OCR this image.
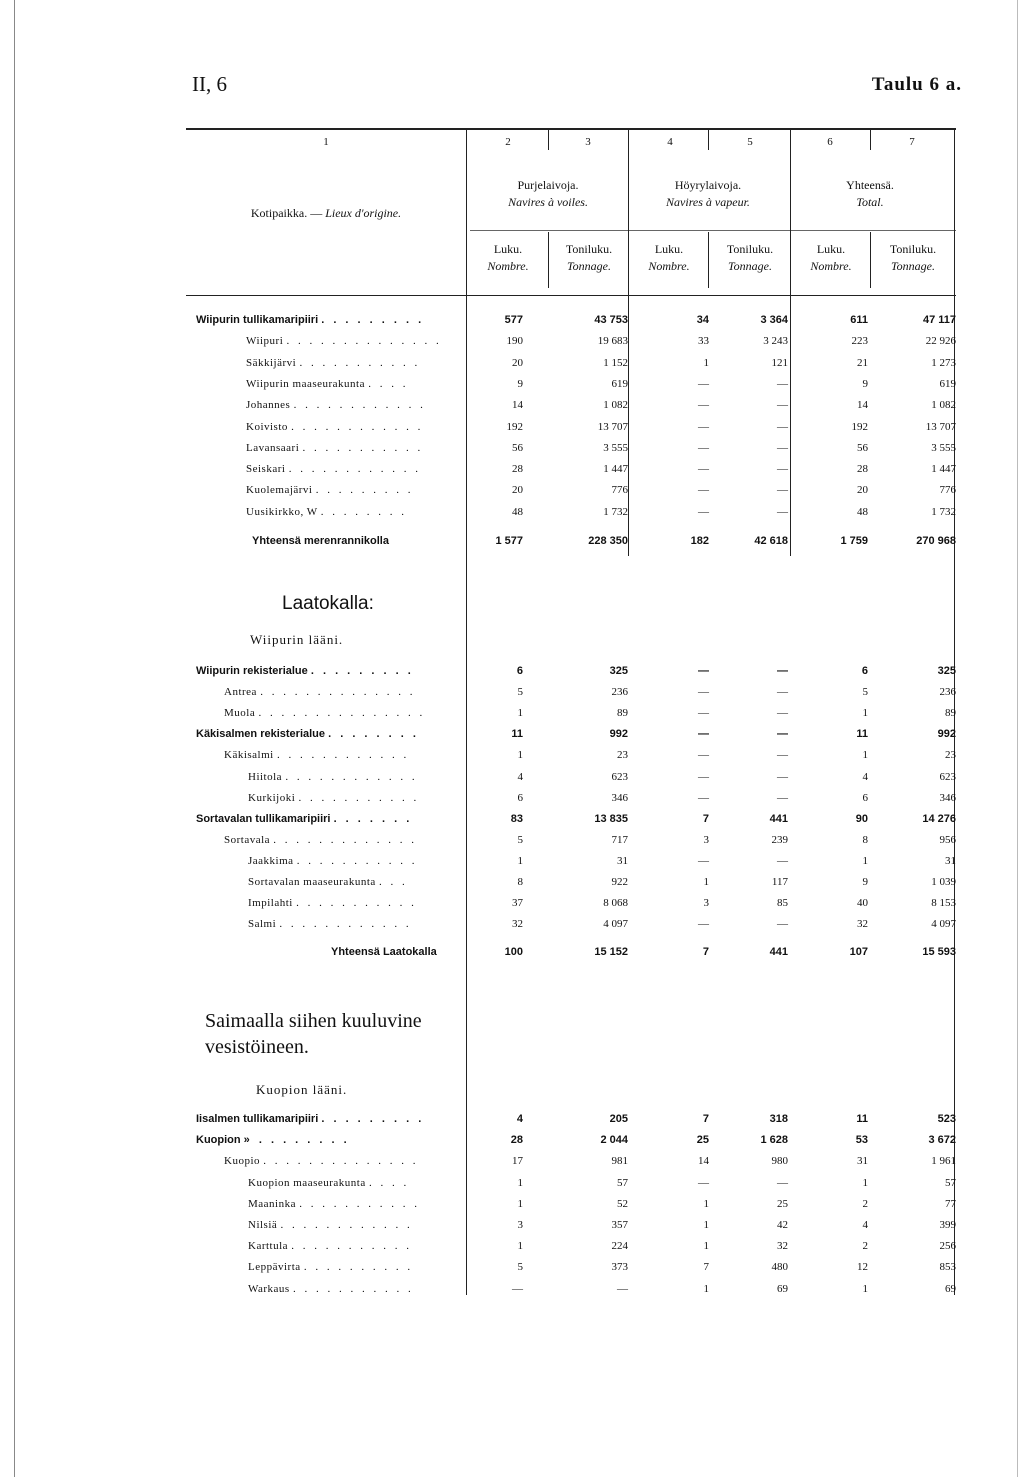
II, 6	Taulu 6 a.
1	2	3	4	5	6	7
Kotipaikka. — Lieux d'origine.
Purjelaivoja.
Navires à voiles.
Höyrylaivoja.
Navires à vapeur.
Yhteensä.
Total.
Luku.
Nombre.
Toniluku.
Tonnage.
Luku.
Nombre.
Toniluku.
Tonnage.
Luku.
Nombre.
Toniluku.
Tonnage.
Wiipurin tullikamaripiiri . . . . . . . . .	577	43 753	34	3 364	611	47 117
Wiipuri . . . . . . . . . . . . . .	190	19 683	33	3 243	223	22 926
Säkkijärvi . . . . . . . . . . .	20	1 152	1	121	21	1 273
Wiipurin maaseurakunta . . . .	9	619	—	—	9	619
Johannes . . . . . . . . . . . .	14	1 082	—	—	14	1 082
Koivisto . . . . . . . . . . . .	192	13 707	—	—	192	13 707
Lavansaari . . . . . . . . . . .	56	3 555	—	—	56	3 555
Seiskari . . . . . . . . . . . .	28	1 447	—	—	28	1 447
Kuolemajärvi . . . . . . . . .	20	776	—	—	20	776
Uusikirkko, W . . . . . . . .	48	1 732	—	—	48	1 732
Yhteensä merenrannikolla	1 577	228 350	182	42 618	1 759	270 968
Laatokalla:
Wiipurin lääni.
Wiipurin rekisterialue . . . . . . . . .	6	325	—	—	6	325
Antrea . . . . . . . . . . . . . .	5	236	—	—	5	236
Muola . . . . . . . . . . . . . . .	1	89	—	—	1	89
Käkisalmen rekisterialue . . . . . . . .	11	992	—	—	11	992
Käkisalmi . . . . . . . . . . . .	1	23	—	—	1	23
Hiitola . . . . . . . . . . . .	4	623	—	—	4	623
Kurkijoki . . . . . . . . . . .	6	346	—	—	6	346
Sortavalan tullikamaripiiri . . . . . . .	83	13 835	7	441	90	14 276
Sortavala . . . . . . . . . . . . .	5	717	3	239	8	956
Jaakkima . . . . . . . . . . .	1	31	—	—	1	31
Sortavalan maaseurakunta . . .	8	922	1	117	9	1 039
Impilahti . . . . . . . . . . .	37	8 068	3	85	40	8 153
Salmi . . . . . . . . . . . .	32	4 097	—	—	32	4 097
Yhteensä Laatokalla	100	15 152	7	441	107	15 593
Saimaalla siihen kuuluvine vesistöineen.
Kuopion lääni.
Iisalmen tullikamaripiiri . . . . . . . . .	4	205	7	318	11	523
Kuopion » . . . . . . . .	28	2 044	25	1 628	53	3 672
Kuopio . . . . . . . . . . . . . .	17	981	14	980	31	1 961
Kuopion maaseurakunta . . . .	1	57	—	—	1	57
Maaninka . . . . . . . . . . .	1	52	1	25	2	77
Nilsiä . . . . . . . . . . . .	3	357	1	42	4	399
Karttula . . . . . . . . . . .	1	224	1	32	2	256
Leppävirta . . . . . . . . . .	5	373	7	480	12	853
Warkaus . . . . . . . . . . .	—	—	1	69	1	69
